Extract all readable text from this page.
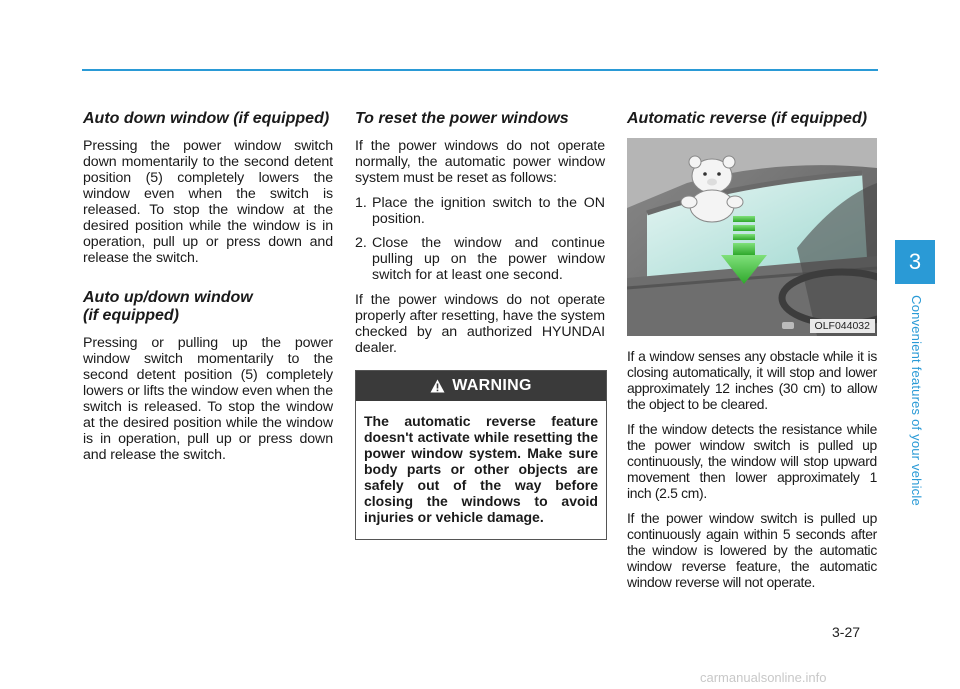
Auto down window (if equipped)

Pressing the power window switch down momentarily to the second detent position (5) completely lowers the window even when the switch is released. To stop the window at the desired position while the window is in operation, pull up or press down and release the switch.

Auto up/down window
(if equipped)

Pressing or pulling up the power window switch momentarily to the second detent position (5) completely lowers or lifts the window even when the switch is released. To stop the window at the desired position while the window is in operation, pull up or press down and release the switch.

To reset the power windows

If the power windows do not operate normally, the automatic power window system must be reset as follows:

1. Place the ignition switch to the ON position.
2. Close the window and continue pulling up on the power window switch for at least one second.

If the power windows do not operate properly after resetting, have the system checked by an authorized HYUNDAI dealer.

WARNING
The automatic reverse feature doesn't activate while resetting the power window system. Make sure body parts or other objects are safely out of the way before closing the windows to avoid injuries or vehicle damage.
Automatic reverse (if equipped)
OLF044032

If a window senses any obstacle while it is closing automatically, it will stop and lower approximately 12 inches (30 cm) to allow the object to be cleared.

If the window detects the resistance while the power window switch is pulled up continuously, the window will stop upward movement then lower approximately 1 inch (2.5 cm).

If the power window switch is pulled up continuously again within 5 seconds after the window is lowered by the automatic window reverse feature, the automatic window reverse will not operate.

3
Convenient features of your vehicle
3-27
carmanualsonline.info
